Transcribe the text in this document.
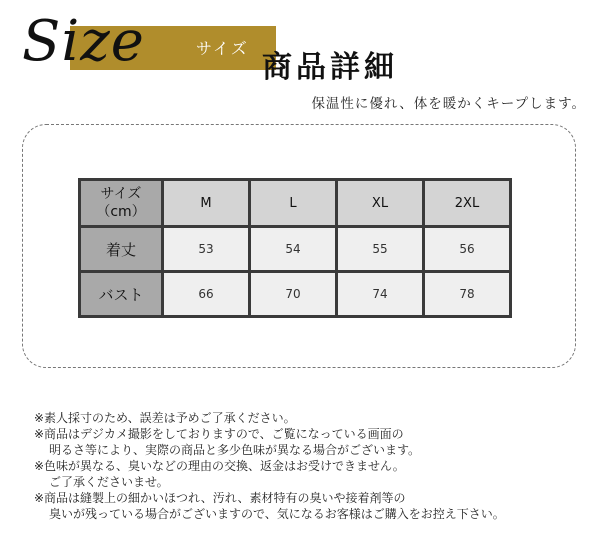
Size	サイズ
商品詳細
保温性に優れ、体を暖かくキープします。
サイズ
（cm）	M	L	XL	2XL
着丈	53	54	55	56
バスト	66	70	74	78

※素人採寸のため、誤差は予めご了承ください。

※商品はデジカメ撮影をしておりますので、ご覧になっている画面の

明るさ等により、実際の商品と多少色味が異なる場合がございます。

※色味が異なる、臭いなどの理由の交換、返金はお受けできません。

ご了承くださいませ。

※商品は縫製上の細かいほつれ、汚れ、素材特有の臭いや接着剤等の

臭いが残っている場合がございますので、気になるお客様はご購入をお控え下さい。
